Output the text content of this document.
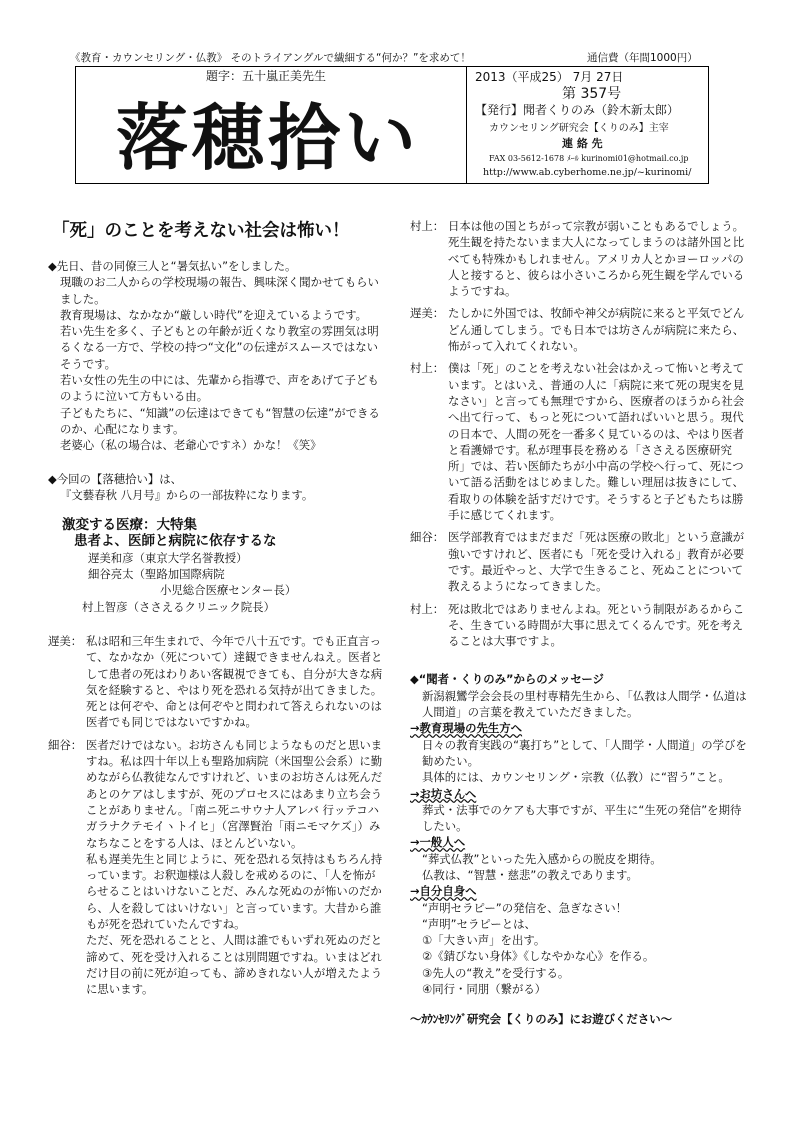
《教育・カウンセリング・仏教》 そのトライアングルで繊細する“何か？”を求めて！	通信費（年間1000円）
題字：五十嵐正美先生
落穂拾い
2013（平成25） 7月 27日
第 357号
【発行】聞者くりのみ（鈴木新太郎）
カウンセリング研究会【くりのみ】主宰
連 絡 先
FAX 03-5612-1678 ﾒｰﾙ kurinomi01@hotmail.co.jp
http://www.ab.cyberhome.ne.jp/~kurinomi/
「死」のことを考えない社会は怖い！

◆先日、昔の同僚三人と“暑気払い”をしました。

現職のお二人からの学校現場の報告、興味深く聞かせてもらいました。

教育現場は、なかなか“厳しい時代”を迎えているようです。

若い先生を多く、子どもとの年齢が近くなり教室の雰囲気は明るくなる一方で、学校の持つ“文化”の伝達がスムースではないそうです。

若い女性の先生の中には、先輩から指導で、声をあげて子どものように泣いて方もいる由。

子どもたちに、“知識”の伝達はできても“智慧の伝達”ができるのか、心配になります。

老婆心（私の場合は、老爺心ですネ）かな！《笑》

◆今回の【落穂拾い】は、

『文藝春秋 八月号』からの一部抜粋になります。

激変する医療：大特集

患者よ、医師と病院に依存するな

遅美和彦（東京大学名誉教授）

細谷亮太（聖路加国際病院

小児総合医療センター長）

村上智彦（ささえるクリニック院長）

遅美： 私は昭和三年生まれで、今年で八十五です。でも正直言って、なかなか（死について）達観できませんねえ。医者として患者の死はわりあい客観視できても、自分が大きな病気を経験すると、やはり死を恐れる気持が出てきました。死とは何ぞや、命とは何ぞやと問われて答えられないのは医者でも同じではないですかね。
細谷： 医者だけではない。お坊さんも同じようなものだと思いますね。私は四十年以上も聖路加病院（米国聖公会系）に勤めながら仏教徒なんですけれど、いまのお坊さんは死んだあとのケアはしますが、死のプロセスにはあまり立ち会うことがありません。「南ニ死ニサウナ人アレバ 行ッテコハガラナクテモイヽトイヒ」（宮澤賢治「雨ニモマケズ」）みなちなことをする人は、ほとんどいない。
私も遅美先生と同じように、死を恐れる気持はもちろん持っています。お釈迦様は人殺しを戒めるのに、「人を怖がらせることはいけないことだ、みんな死ぬのが怖いのだから、人を殺してはいけない」と言っています。大昔から誰もが死を恐れていたんですね。
ただ、死を恐れることと、人間は誰でもいずれ死ぬのだと諦めて、死を受け入れることは別問題ですね。いまはどれだけ目の前に死が迫っても、諦めきれない人が増えたように思います。
村上： 日本は他の国とちがって宗教が弱いこともあるでしょう。死生観を持たないまま大人になってしまうのは諸外国と比べても特殊かもしれません。アメリカ人とかヨーロッパの人と接すると、彼らは小さいころから死生観を学んでいるようですね。
遅美： たしかに外国では、牧師や神父が病院に来ると平気でどんどん通してしまう。でも日本では坊さんが病院に来たら、怖がって入れてくれない。
村上： 僕は「死」のことを考えない社会はかえって怖いと考えています。とはいえ、普通の人に「病院に来て死の現実を見なさい」と言っても無理ですから、医療者のほうから社会へ出て行って、もっと死について語ればいいと思う。現代の日本で、人間の死を一番多く見ているのは、やはり医者と看護婦です。私が理事長を務める「ささえる医療研究所」では、若い医師たちが小中高の学校へ行って、死について語る活動をはじめました。難しい理屈は抜きにして、看取りの体験を話すだけです。そうすると子どもたちは勝手に感じてくれます。
細谷： 医学部教育ではまだまだ「死は医療の敗北」という意識が強いですけれど、医者にも「死を受け入れる」教育が必要です。最近やっと、大学で生きること、死ぬことについて教えるようになってきました。
村上： 死は敗北ではありませんよね。死という制限があるからこそ、生きている時間が大事に思えてくるんです。死を考えることは大事ですよ。

◆“聞者・くりのみ”からのメッセージ

新潟親鸞学会会長の里村専精先生から、「仏教は人間学・仏道は人間道」の言葉を教えていただきました。

→教育現場の先生方へ

日々の教育実践の“裏打ち”として、「人間学・人間道」の学びを勧めたい。

具体的には、カウンセリング・宗教（仏教）に“習う”こと。

→お坊さんへ

葬式・法事でのケアも大事ですが、平生に“生死の発信”を期待したい。

→一般人へ

“葬式仏教”といった先入感からの脱皮を期待。

仏教は、“智慧・慈悲”の教えであります。

→自分自身へ

“声明セラピー”の発信を、急ぎなさい！

“声明”セラピーとは、

①「大きい声」を出す。

②《錆びない身体》《しなやかな心》を作る。

③先人の“教え”を受行する。

④同行・同朋（繋がる）

〜ｶｳﾝｾﾘﾝｸﾞ研究会【くりのみ】にお遊びください〜
